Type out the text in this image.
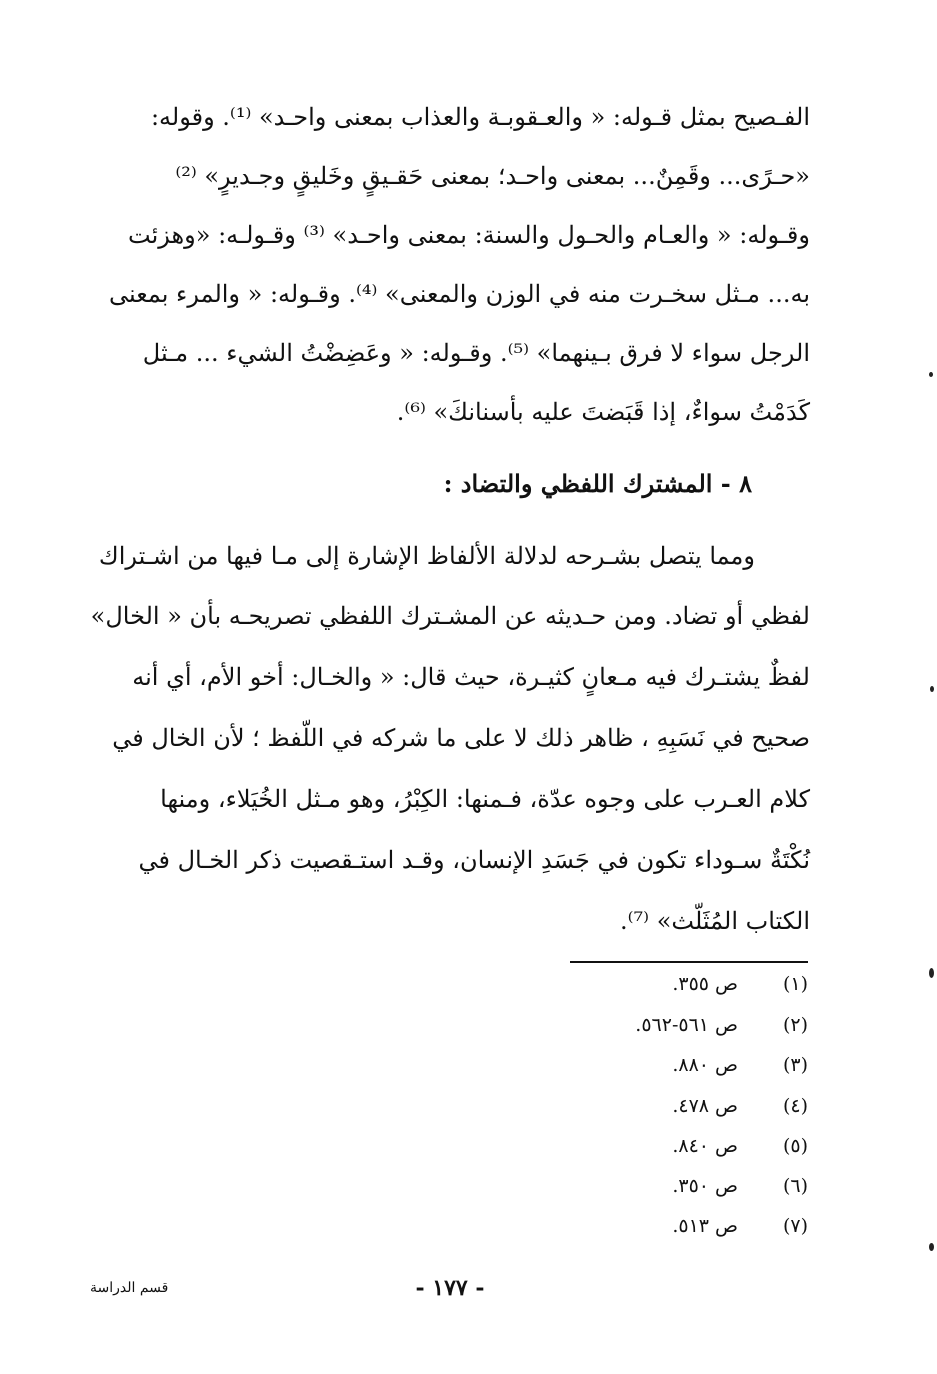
الفـصيح بمثل قـوله: « والعـقوبـة والعذاب بمعنى واحـد» ⁽¹⁾. وقوله:
«حـرًى... وقَمِنٌ... بمعنى واحـد؛ بمعنى حَقـيقٍ وخَليقٍ وجـديرٍ» ⁽²⁾
وقـوله: « والعـام والحـول والسنة: بمعنى واحـد» ⁽³⁾ وقـولـه: «وهزئت
به... مـثل سخـرت منه في الوزن والمعنى» ⁽⁴⁾. وقـوله: « والمرء بمعنى
الرجل سواء لا فرق بـينهما» ⁽⁵⁾. وقـوله: « وعَضِضْتُ الشيء ... مـثل
كَدَمْتُ سواءٌ، إذا قَبَضتَ عليه بأسنانكَ» ⁽⁶⁾.
٨ - المشترك اللفظي والتضاد :
ومما يتصل بشـرحه لدلالة الألفاظ الإشارة إلى مـا فيها من اشـتراك
لفظي أو تضاد. ومن حـديثه عن المشـترك اللفظي تصريحـه بأن « الخال»
لفظٌ يشتـرك فيه مـعانٍ كثيـرة، حيث قال: « والخـال: أخو الأم، أي أنه
صحيح في نَسَبِهِ ، ظاهر ذلك لا على ما شركه في اللّفظ ؛ لأن الخال في
كلام العـرب على وجوه عدّة، فـمنها: الكِبْرُ، وهو مـثل الخُيَلاء، ومنها
نُكْتَةٌ سـوداء تكون في جَسَدِ الإنسان، وقـد استـقصيت ذكر الخـال في
الكتاب المُثَلّث» ⁽⁷⁾.
(١)ص ٣٥٥.
(٢)ص ٥٦١-٥٦٢.
(٣)ص ٨٨٠.
(٤)ص ٤٧٨.
(٥)ص ٨٤٠.
(٦)ص ٣٥٠.
(٧)ص ٥١٣.
- ١٧٧ -
قسم الدراسة
